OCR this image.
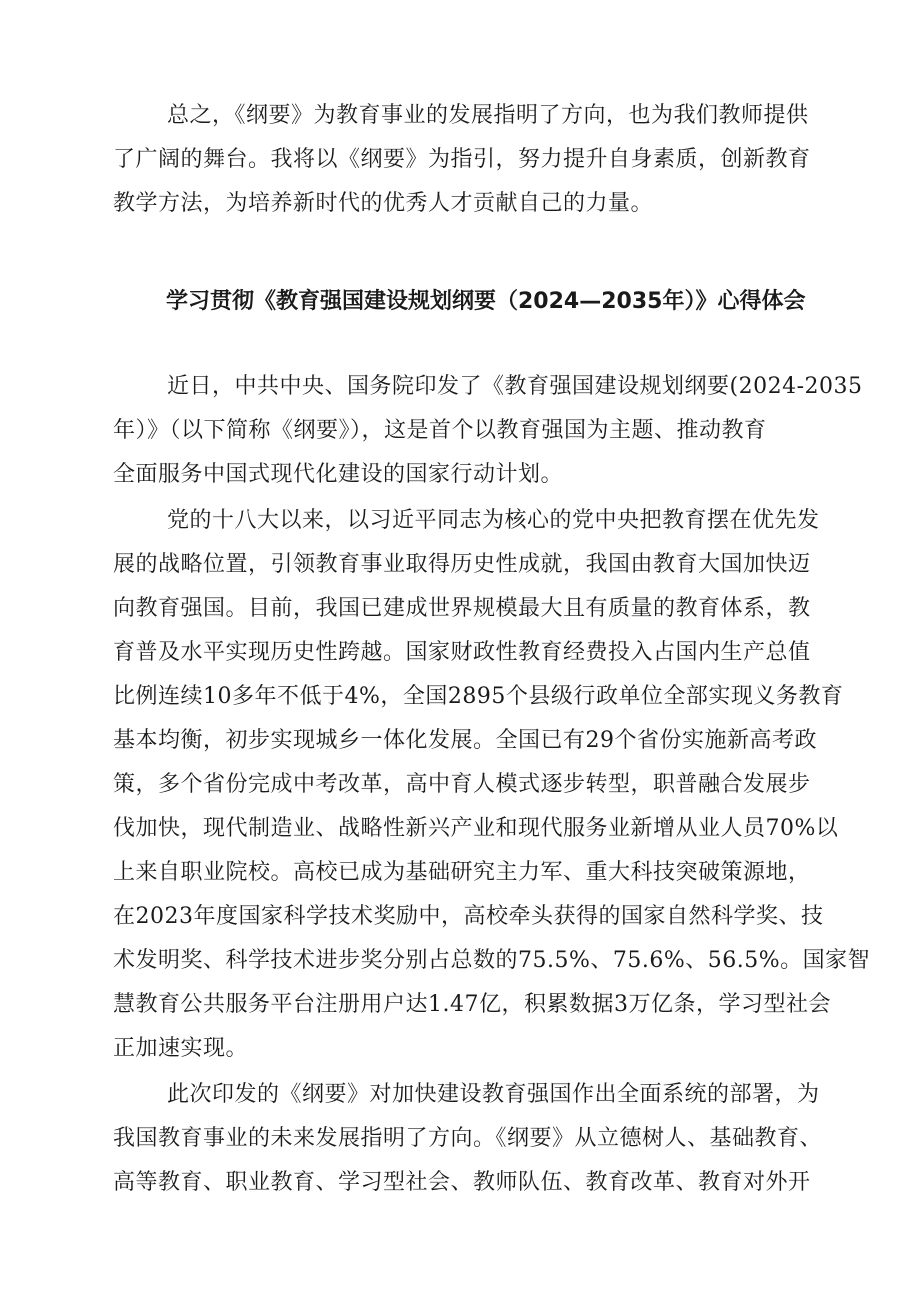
总之，《纲要》为教育事业的发展指明了方向，也为我们教师提供
了广阔的舞台。我将以《纲要》为指引，努力提升自身素质，创新教育
教学方法，为培养新时代的优秀人才贡献自己的力量。
学习贯彻《教育强国建设规划纲要（2024—2035年）》心得体会
近日，中共中央、国务院印发了《教育强国建设规划纲要(2024-2035
年）》（以下简称《纲要》），这是首个以教育强国为主题、推动教育
全面服务中国式现代化建设的国家行动计划。
党的十八大以来，以习近平同志为核心的党中央把教育摆在优先发
展的战略位置，引领教育事业取得历史性成就，我国由教育大国加快迈
向教育强国。目前，我国已建成世界规模最大且有质量的教育体系，教
育普及水平实现历史性跨越。国家财政性教育经费投入占国内生产总值
比例连续10多年不低于4%，全国2895个县级行政单位全部实现义务教育
基本均衡，初步实现城乡一体化发展。全国已有29个省份实施新高考政
策，多个省份完成中考改革，高中育人模式逐步转型，职普融合发展步
伐加快，现代制造业、战略性新兴产业和现代服务业新增从业人员70%以
上来自职业院校。高校已成为基础研究主力军、重大科技突破策源地，
在2023年度国家科学技术奖励中，高校牵头获得的国家自然科学奖、技
术发明奖、科学技术进步奖分别占总数的75.5%、75.6%、56.5%。国家智
慧教育公共服务平台注册用户达1.47亿，积累数据3万亿条，学习型社会
正加速实现。
此次印发的《纲要》对加快建设教育强国作出全面系统的部署，为
我国教育事业的未来发展指明了方向。《纲要》从立德树人、基础教育、
高等教育、职业教育、学习型社会、教师队伍、教育改革、教育对外开
